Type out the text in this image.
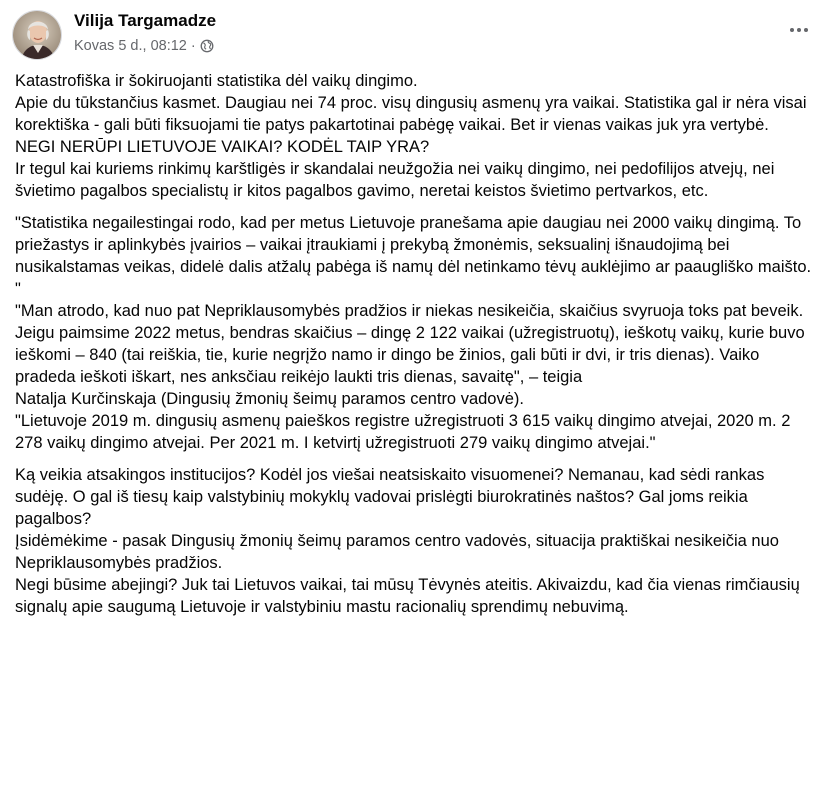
Vilija Targamadze
Kovas 5 d., 08:12 ·

Katastrofiška ir šokiruojanti statistika dėl vaikų dingimo.

Apie du tūkstančius kasmet. Daugiau nei 74 proc. visų dingusių asmenų yra vaikai. Statistika gal ir nėra visai korektiška - gali būti fiksuojami tie patys pakartotinai pabėgę vaikai. Bet ir vienas vaikas juk yra vertybė.

NEGI NERŪPI LIETUVOJE VAIKAI? KODĖL TAIP YRA?

Ir tegul kai kuriems rinkimų karštligės ir skandalai neužgožia nei vaikų dingimo, nei pedofilijos atvejų, nei švietimo pagalbos specialistų ir kitos pagalbos gavimo, neretai keistos švietimo pertvarkos, etc.

"Statistika negailestingai rodo, kad per metus Lietuvoje pranešama apie daugiau nei 2000 vaikų dingimą. To priežastys ir aplinkybės įvairios – vaikai įtraukiami į prekybą žmonėmis, seksualinį išnaudojimą bei nusikalstamas veikas, didelė dalis atžalų pabėga iš namų dėl netinkamo tėvų auklėjimo ar paaugliško maišto. "

"Man atrodo, kad nuo pat Nepriklausomybės pradžios ir niekas nesikeičia, skaičius svyruoja toks pat beveik. Jeigu paimsime 2022 metus, bendras skaičius – dingę 2 122 vaikai (užregistruotų), ieškotų vaikų, kurie buvo ieškomi – 840 (tai reiškia, tie, kurie negrįžo namo ir dingo be žinios, gali būti ir dvi, ir tris dienas). Vaiko pradeda ieškoti iškart, nes anksčiau reikėjo laukti tris dienas, savaitę", – teigia

Natalja Kurčinskaja (Dingusių žmonių šeimų paramos centro vadovė).

"Lietuvoje 2019 m. dingusių asmenų paieškos registre užregistruoti 3 615 vaikų dingimo atvejai, 2020 m. 2 278 vaikų dingimo atvejai. Per 2021 m. I ketvirtį užregistruoti 279 vaikų dingimo atvejai."

Ką veikia atsakingos institucijos? Kodėl jos viešai neatsiskaito visuomenei? Nemanau, kad sėdi rankas sudėję. O gal iš tiesų kaip valstybinių mokyklų vadovai prislėgti biurokratinės naštos? Gal joms reikia pagalbos?

Įsidėmėkime - pasak Dingusių žmonių šeimų paramos centro vadovės, situacija praktiškai nesikeičia nuo Nepriklausomybės pradžios.

Negi būsime abejingi? Juk tai Lietuvos vaikai, tai mūsų Tėvynės ateitis. Akivaizdu, kad čia vienas rimčiausių signalų apie saugumą Lietuvoje ir valstybiniu mastu racionalių sprendimų nebuvimą.
